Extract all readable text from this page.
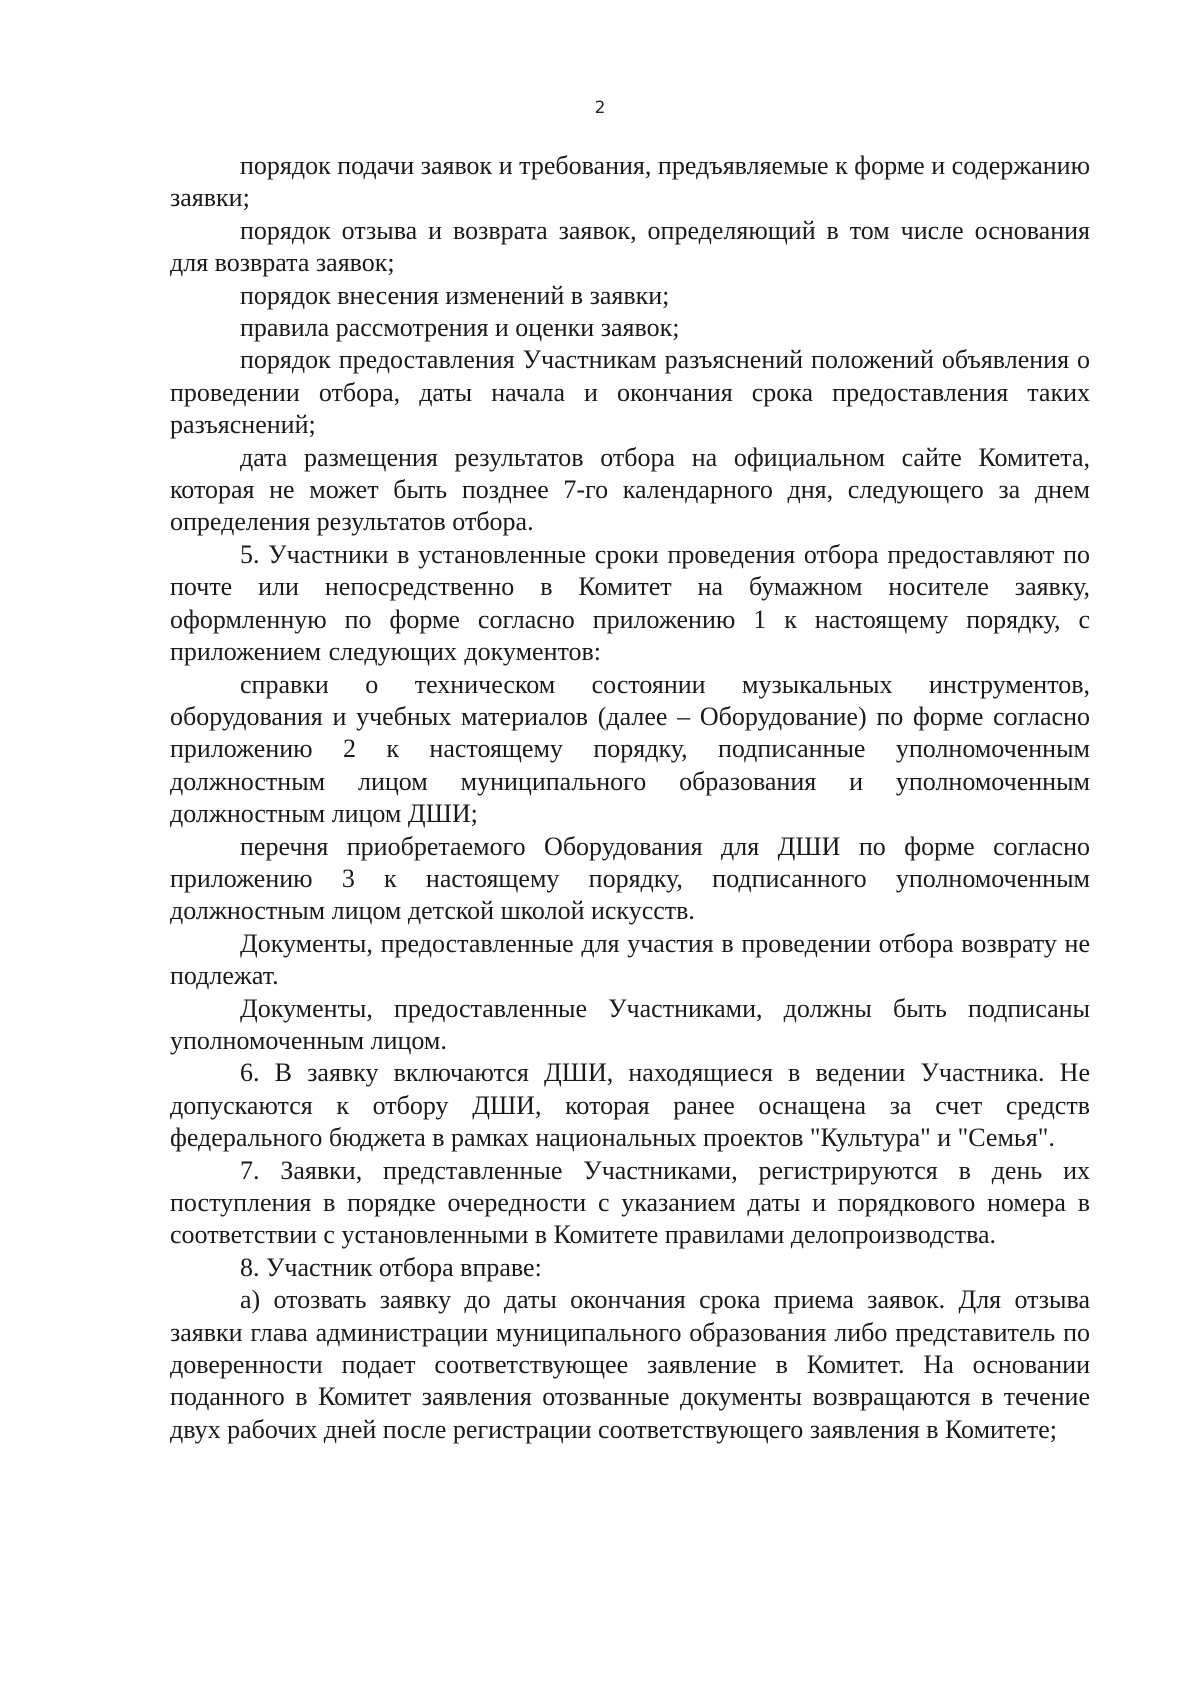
2

порядок подачи заявок и требования, предъявляемые к форме и содержанию заявки;

порядок отзыва и возврата заявок, определяющий в том числе основания для возврата заявок;

порядок внесения изменений в заявки;

правила рассмотрения и оценки заявок;

порядок предоставления Участникам разъяснений положений объявления о проведении отбора, даты начала и окончания срока предоставления таких разъяснений;

дата размещения результатов отбора на официальном сайте Комитета, которая не может быть позднее 7-го календарного дня, следующего за днем определения результатов отбора.

5. Участники в установленные сроки проведения отбора предоставляют по почте или непосредственно в Комитет на бумажном носителе заявку, оформленную по форме согласно приложению 1 к настоящему порядку, с приложением следующих документов:

справки о техническом состоянии музыкальных инструментов, оборудования и учебных материалов (далее – Оборудование) по форме согласно приложению 2 к настоящему порядку, подписанные уполномоченным должностным лицом муниципального образования и уполномоченным должностным лицом ДШИ;

перечня приобретаемого Оборудования для ДШИ по форме согласно приложению 3 к настоящему порядку, подписанного уполномоченным должностным лицом детской школой искусств.

Документы, предоставленные для участия в проведении отбора возврату не подлежат.

Документы, предоставленные Участниками, должны быть подписаны уполномоченным лицом.

6. В заявку включаются ДШИ, находящиеся в ведении Участника. Не допускаются к отбору ДШИ, которая ранее оснащена за счет средств федерального бюджета в рамках национальных проектов "Культура" и "Семья".

7. Заявки, представленные Участниками, регистрируются в день их поступления в порядке очередности с указанием даты и порядкового номера в соответствии с установленными в Комитете правилами делопроизводства.

8. Участник отбора вправе:

а) отозвать заявку до даты окончания срока приема заявок. Для отзыва заявки глава администрации муниципального образования либо представитель по доверенности подает соответствующее заявление в Комитет. На основании поданного в Комитет заявления отозванные документы возвращаются в течение двух рабочих дней после регистрации соответствующего заявления в Комитете;
